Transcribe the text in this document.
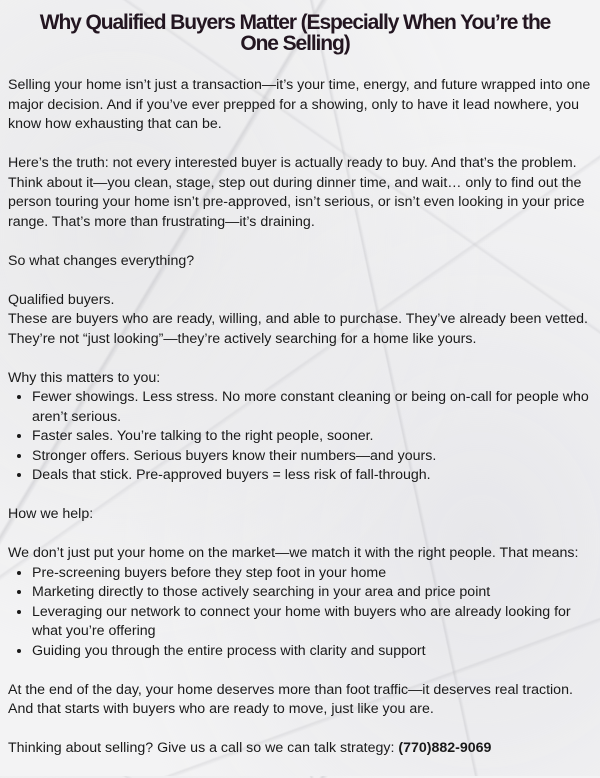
Why Qualified Buyers Matter (Especially When You’re the One Selling)

Selling your home isn’t just a transaction—it’s your time, energy, and future wrapped into one major decision. And if you’ve ever prepped for a showing, only to have it lead nowhere, you know how exhausting that can be.

Here’s the truth: not every interested buyer is actually ready to buy. And that’s the problem. Think about it—you clean, stage, step out during dinner time, and wait… only to find out the person touring your home isn’t pre-approved, isn’t serious, or isn’t even looking in your price range. That’s more than frustrating—it’s draining.

So what changes everything?

Qualified buyers.

These are buyers who are ready, willing, and able to purchase. They’ve already been vetted. They’re not “just looking”—they’re actively searching for a home like yours.

Why this matters to you:

• Fewer showings. Less stress. No more constant cleaning or being on-call for people who aren’t serious.
• Faster sales. You’re talking to the right people, sooner.
• Stronger offers. Serious buyers know their numbers—and yours.
• Deals that stick. Pre-approved buyers = less risk of fall-through.

How we help:

We don’t just put your home on the market—we match it with the right people. That means:

• Pre-screening buyers before they step foot in your home
• Marketing directly to those actively searching in your area and price point
• Leveraging our network to connect your home with buyers who are already looking for what you’re offering
• Guiding you through the entire process with clarity and support

At the end of the day, your home deserves more than foot traffic—it deserves real traction. And that starts with buyers who are ready to move, just like you are.

Thinking about selling? Give us a call so we can talk strategy: (770)882-9069
